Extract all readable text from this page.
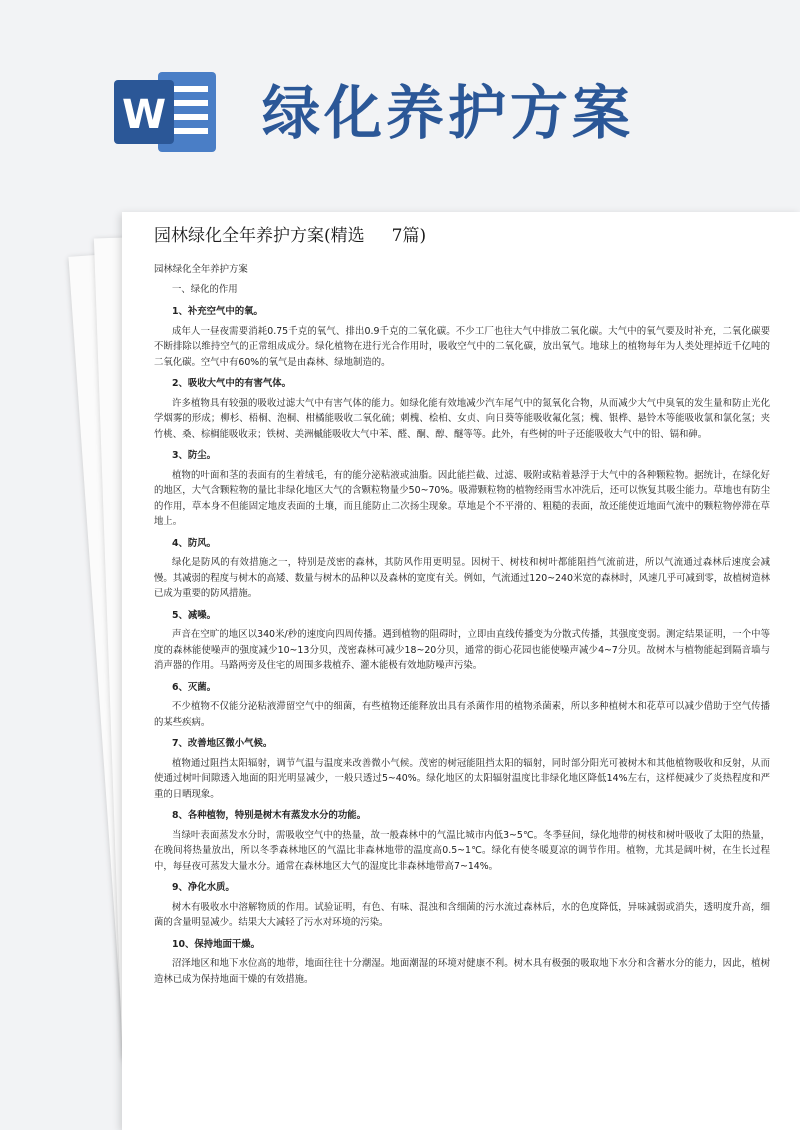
W 绿化养护方案
园林绿化全年养护方案(精选     7篇)
园林绿化全年养护方案
一、绿化的作用
1、补充空气中的氧。
成年人一昼夜需要消耗0.75千克的氧气、排出0.9千克的二氧化碳。不少工厂也往大气中排放二氧化碳。大气中的氧气要及时补充，二氧化碳要不断排除以维持空气的正常组成成分。绿化植物在进行光合作用时，吸收空气中的二氧化碳，放出氧气。地球上的植物每年为人类处理掉近千亿吨的二氧化碳。空气中有60%的氧气是由森林、绿地制造的。
2、吸收大气中的有害气体。
许多植物具有较强的吸收过滤大气中有害气体的能力。如绿化能有效地减少汽车尾气中的氮氧化合物，从而减少大气中臭氧的发生量和防止光化学烟雾的形成；柳杉、梧桐、泡桐、柑橘能吸收二氧化硫；刺槐、桧柏、女贞、向日葵等能吸收氟化氢；槐、银桦、悬铃木等能吸收氯和氯化氢；夹竹桃、桑、棕榈能吸收汞；铁树、美洲槭能吸收大气中苯、醛、酮、醇、醚等等。此外，有些树的叶子还能吸收大气中的铅、镉和砷。
3、防尘。
植物的叶面和茎的表面有的生着绒毛，有的能分泌粘液或油脂。因此能拦截、过滤、吸附或粘着悬浮于大气中的各种颗粒物。据统计，在绿化好的地区，大气含颗粒物的量比非绿化地区大气的含颗粒物量少50~70%。吸滞颗粒物的植物经雨雪水冲洗后，还可以恢复其吸尘能力。草地也有防尘的作用，草本身不但能固定地皮表面的土壤，而且能防止二次扬尘现象。草地是个不平滑的、粗糙的表面，故还能使近地面气流中的颗粒物停滞在草地上。
4、防风。
绿化是防风的有效措施之一，特别是茂密的森林，其防风作用更明显。因树干、树枝和树叶都能阻挡气流前进，所以气流通过森林后速度会减慢。其减弱的程度与树木的高矮、数量与树木的品种以及森林的宽度有关。例如，气流通过120~240米宽的森林时，风速几乎可减到零，故植树造林已成为重要的防风措施。
5、减噪。
声音在空旷的地区以340米/秒的速度向四周传播。遇到植物的阻碍时，立即由直线传播变为分散式传播，其强度变弱。测定结果证明，一个中等度的森林能使噪声的强度减少10~13分贝，茂密森林可减少18~20分贝，通常的街心花园也能使噪声减少4~7分贝。故树木与植物能起到隔音墙与消声器的作用。马路两旁及住宅的周围多栽植乔、灌木能极有效地防噪声污染。
6、灭菌。
不少植物不仅能分泌粘液滞留空气中的细菌，有些植物还能释放出具有杀菌作用的植物杀菌素，所以多种植树木和花草可以减少借助于空气传播的某些疾病。
7、改善地区微小气候。
植物通过阻挡太阳辐射，调节气温与温度来改善微小气候。茂密的树冠能阻挡太阳的辐射，同时部分阳光可被树木和其他植物吸收和反射，从而使通过树叶间隙透入地面的阳光明显减少，一般只透过5~40%。绿化地区的太阳辐射温度比非绿化地区降低14%左右，这样便减少了炎热程度和严重的日晒现象。
8、各种植物，特别是树木有蒸发水分的功能。
当绿叶表面蒸发水分时，需吸收空气中的热量，故一般森林中的气温比城市内低3~5℃。冬季昼间，绿化地带的树枝和树叶吸收了太阳的热量，在晚间将热量放出，所以冬季森林地区的气温比非森林地带的温度高0.5~1℃。绿化有使冬暖夏凉的调节作用。植物，尤其是阔叶树，在生长过程中，每昼夜可蒸发大量水分。通常在森林地区大气的湿度比非森林地带高7~14%。
9、净化水质。
树木有吸收水中溶解物质的作用。试验证明，有色、有味、混浊和含细菌的污水流过森林后，水的色度降低，异味减弱或消失，透明度升高，细菌的含量明显减少。结果大大减轻了污水对环境的污染。
10、保持地面干燥。
沼泽地区和地下水位高的地带，地面往往十分潮湿。地面潮湿的环境对健康不利。树木具有极强的吸取地下水分和含蓄水分的能力，因此，植树造林已成为保持地面干燥的有效措施。
